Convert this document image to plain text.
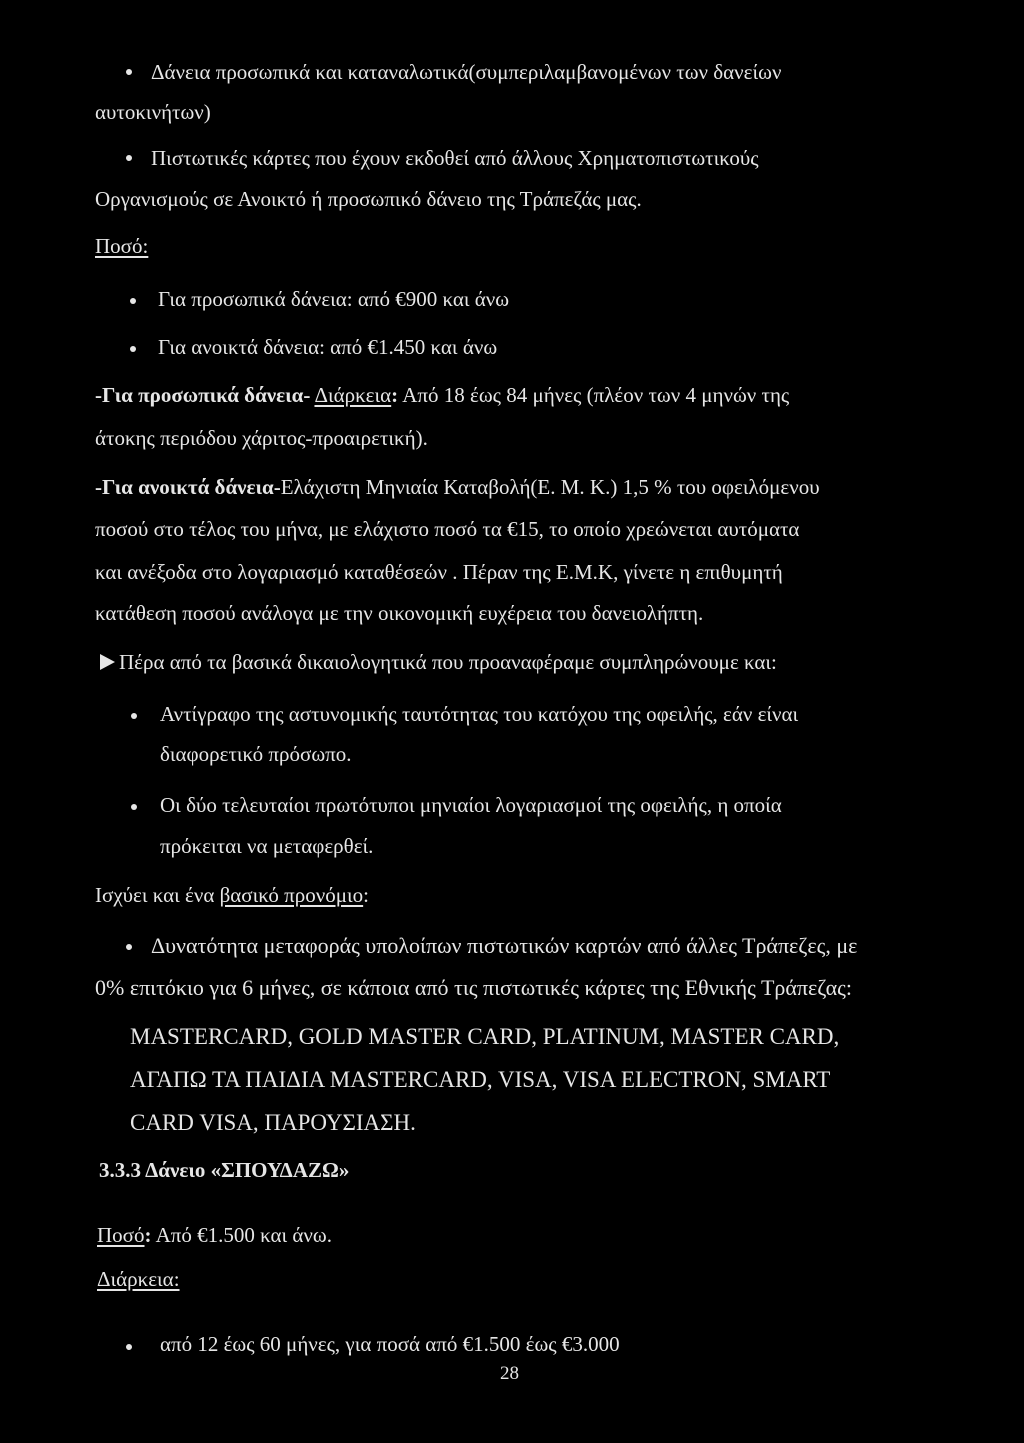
Δάνεια προσωπικά και καταναλωτικά(συμπεριλαμβανομένων των δανείων
αυτοκινήτων)
Πιστωτικές κάρτες που έχουν εκδοθεί από άλλους Χρηματοπιστωτικούς
Οργανισμούς σε Ανοικτό ή προσωπικό δάνειο της Τράπεζάς μας.
Ποσό:
Για προσωπικά δάνεια: από €900 και άνω
Για ανοικτά δάνεια: από €1.450 και άνω
-Για προσωπικά δάνεια- Διάρκεια: Από 18 έως 84 μήνες (πλέον των 4 μηνών της
άτοκης περιόδου χάριτος-προαιρετική).
-Για ανοικτά δάνεια-Ελάχιστη Μηνιαία Καταβολή(Ε. Μ. Κ.) 1,5 % του οφειλόμενου
ποσού στο τέλος του μήνα, με ελάχιστο ποσό τα €15, το οποίο χρεώνεται αυτόματα
και ανέξοδα στο λογαριασμό καταθέσεών . Πέραν της Ε.Μ.Κ, γίνετε η επιθυμητή
κατάθεση ποσού ανάλογα με την οικονομική ευχέρεια του δανειολήπτη.
Πέρα από τα βασικά δικαιολογητικά που προαναφέραμε συμπληρώνουμε και:
Αντίγραφο της αστυνομικής ταυτότητας του κατόχου της οφειλής, εάν είναι
διαφορετικό πρόσωπο.
Οι δύο τελευταίοι πρωτότυποι μηνιαίοι λογαριασμοί της οφειλής, η οποία
πρόκειται να μεταφερθεί.
Ισχύει και ένα βασικό προνόμιο:
Δυνατότητα μεταφοράς υπολοίπων πιστωτικών καρτών από άλλες Τράπεζες, με
0% επιτόκιο για 6 μήνες, σε κάποια από τις πιστωτικές κάρτες της Εθνικής Τράπεζας:
MASTERCARD, GOLD MASTER CARD, PLATINUM, MASTER CARD,
ΑΓΑΠΩ ΤΑ ΠΑΙΔΙΑ MASTERCARD, VISA, VISA ELECTRON, SMART
CARD VISA, ΠΑΡΟΥΣΙΑΣΗ.
3.3.3 Δάνειο «ΣΠΟΥΔΑΖΩ»
Ποσό: Από €1.500 και άνω.
Διάρκεια:
από 12 έως 60 μήνες, για ποσά από €1.500 έως €3.000
28
